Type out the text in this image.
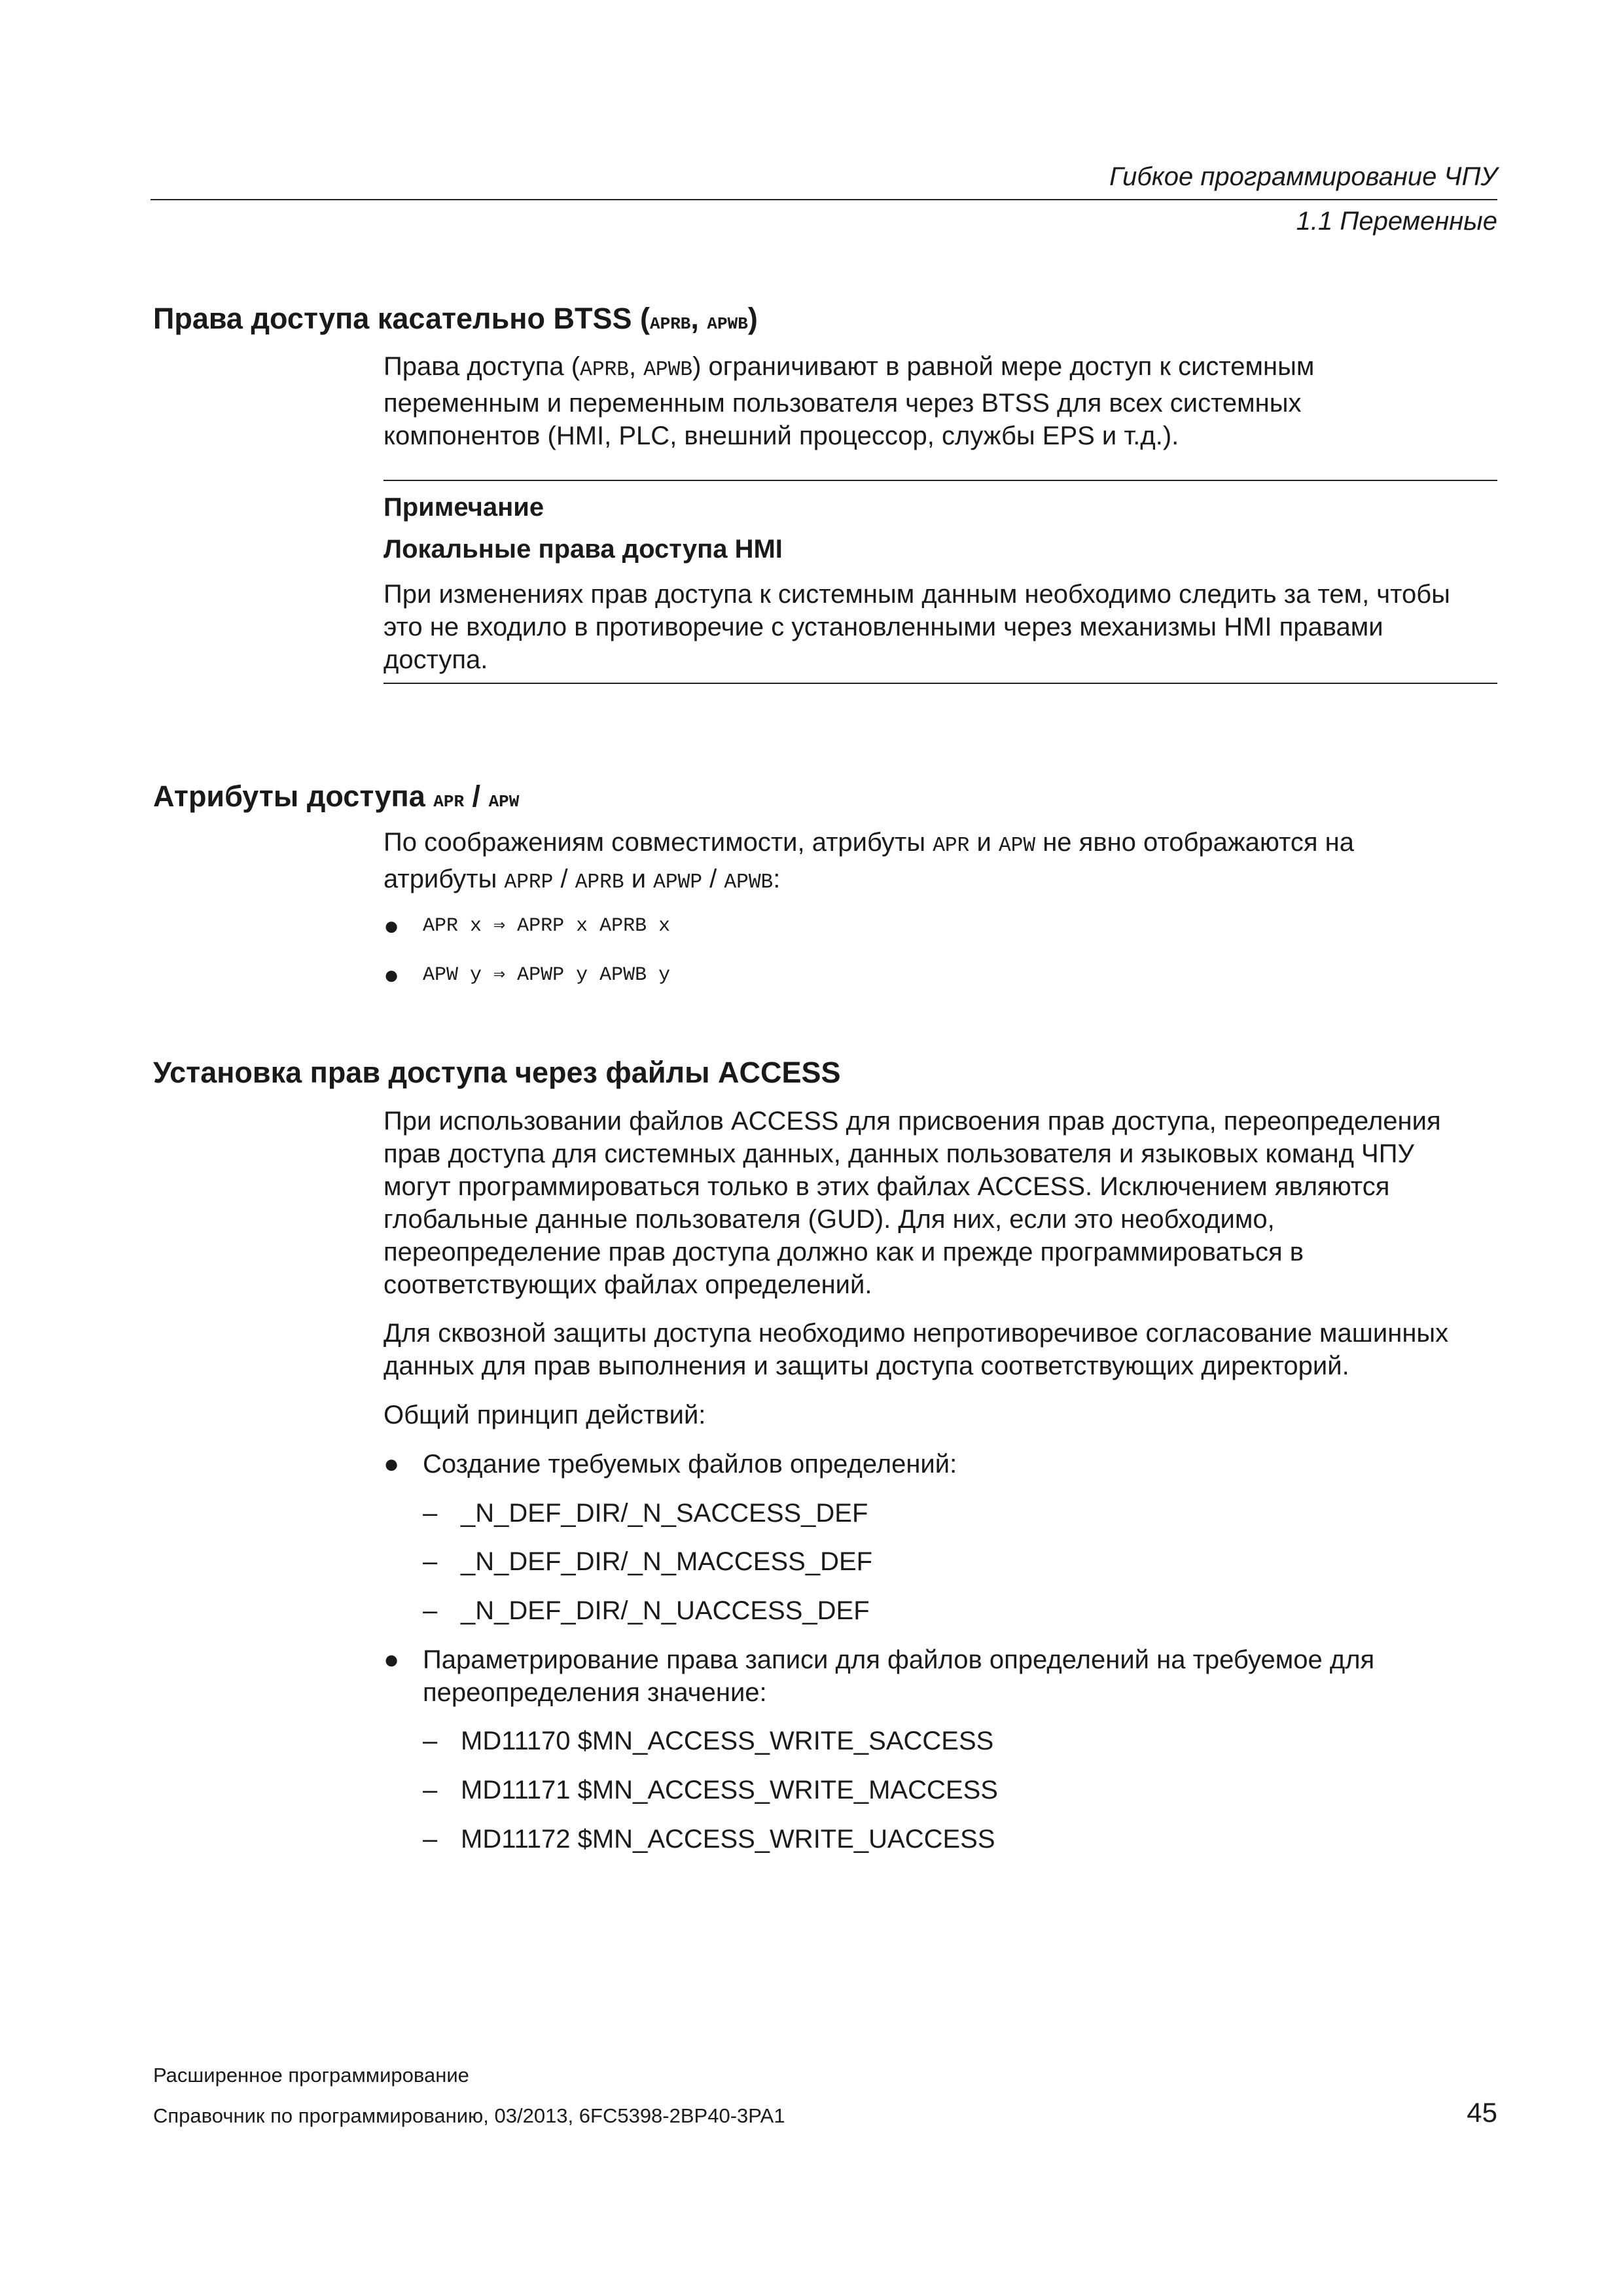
Гибкое программирование ЧПУ
1.1 Переменные
Права доступа касательно BTSS (APRB, APWB)

Права доступа (APRB, APWB) ограничивают в равной мере доступ к системным

переменным и переменным пользователя через BTSS для всех системных

компонентов (HMI, PLC, внешний процессор, службы EPS и т.д.).

Примечание
Локальные права доступа HMI
При изменениях прав доступа к системным данным необходимо следить за тем, чтобы
это не входило в противоречие с установленными через механизмы HMI правами
доступа.
Атрибуты доступа APR / APW

По соображениям совместимости, атрибуты APR и APW не явно отображаются на

атрибуты APRP / APRB и APWP / APWB:

● APR x ⇒ APRP x APRB x
● APW y ⇒ APWP y APWB y
Установка прав доступа через файлы ACCESS

При использовании файлов ACCESS для присвоения прав доступа, переопределения

прав доступа для системных данных, данных пользователя и языковых команд ЧПУ

могут программироваться только в этих файлах ACCESS. Исключением являются

глобальные данные пользователя (GUD). Для них, если это необходимо,

переопределение прав доступа должно как и прежде программироваться в

соответствующих файлах определений.

Для сквозной защиты доступа необходимо непротиворечивое согласование машинных

данных для прав выполнения и защиты доступа соответствующих директорий.

Общий принцип действий:

● Создание требуемых файлов определений:
– _N_DEF_DIR/_N_SACCESS_DEF
– _N_DEF_DIR/_N_MACCESS_DEF
– _N_DEF_DIR/_N_UACCESS_DEF
● Параметрирование права записи для файлов определений на требуемое для
переопределения значение:
– MD11170 $MN_ACCESS_WRITE_SACCESS
– MD11171 $MN_ACCESS_WRITE_MACCESS
– MD11172 $MN_ACCESS_WRITE_UACCESS
Расширенное программирование
Справочник по программированию, 03/2013, 6FC5398-2BP40-3PA1	45
